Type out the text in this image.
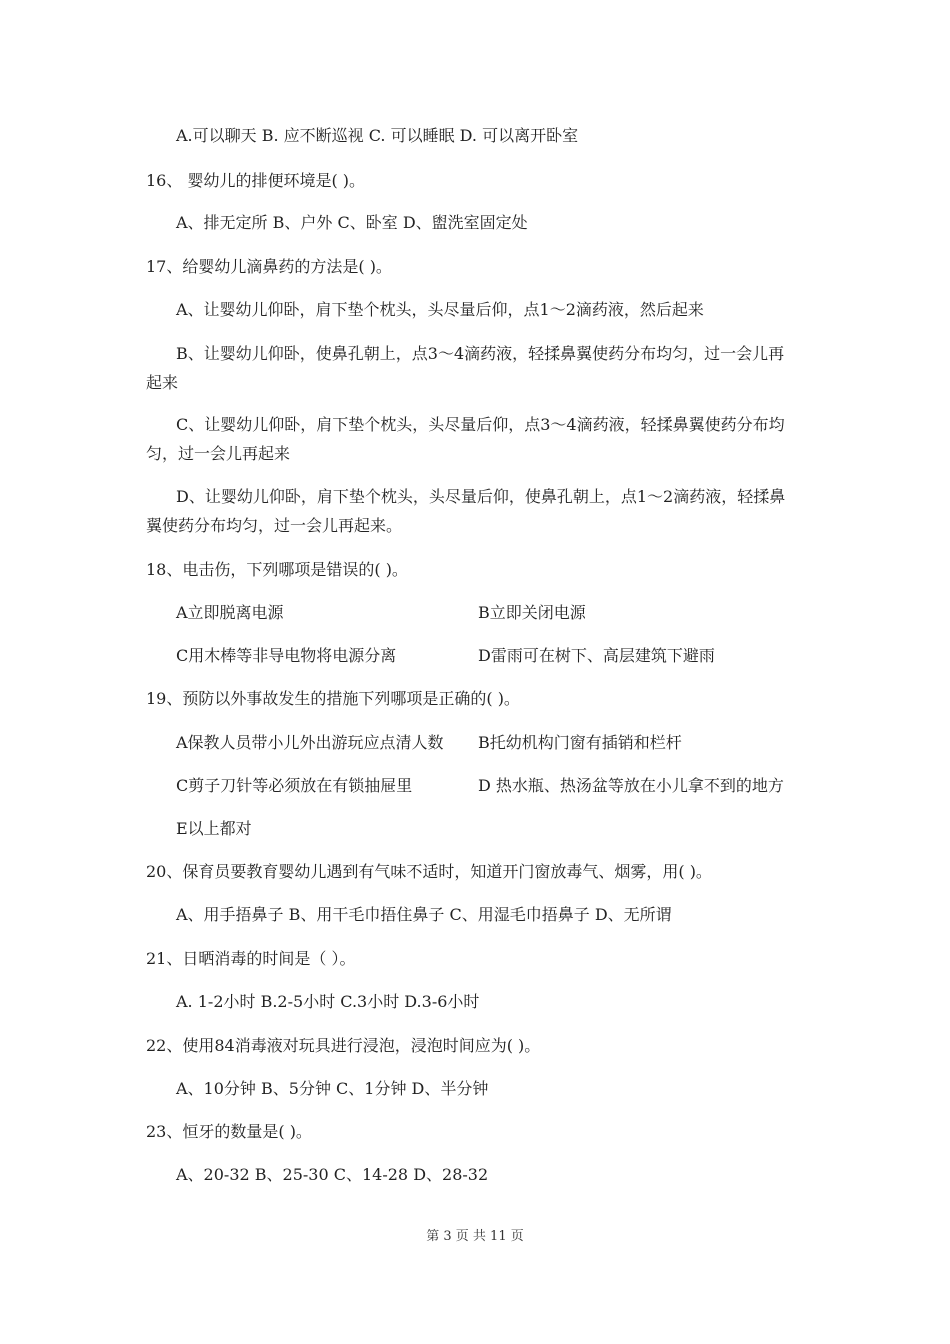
A.可以聊天 B. 应不断巡视 C. 可以睡眠 D. 可以离开卧室
16、 婴幼儿的排便环境是( )。
A、排无定所 B、户外 C、卧室 D、盥洗室固定处
17、给婴幼儿滴鼻药的方法是( )。
A、让婴幼儿仰卧，肩下垫个枕头，头尽量后仰，点1～2滴药液，然后起来
B、让婴幼儿仰卧，使鼻孔朝上，点3～4滴药液，轻揉鼻翼使药分布均匀，过一会儿再
起来
C、让婴幼儿仰卧，肩下垫个枕头，头尽量后仰，点3～4滴药液，轻揉鼻翼使药分布均
匀，过一会儿再起来
D、让婴幼儿仰卧，肩下垫个枕头，头尽量后仰，使鼻孔朝上，点1～2滴药液，轻揉鼻
翼使药分布均匀，过一会儿再起来。
18、电击伤，下列哪项是错误的( )。
A立即脱离电源	B立即关闭电源
C用木棒等非导电物将电源分离	D雷雨可在树下、高层建筑下避雨
19、预防以外事故发生的措施下列哪项是正确的( )。
A保教人员带小儿外出游玩应点清人数 B托幼机构门窗有插销和栏杆
C剪子刀针等必须放在有锁抽屉里	D 热水瓶、热汤盆等放在小儿拿不到的地方
E以上都对
20、保育员要教育婴幼儿遇到有气味不适时，知道开门窗放毒气、烟雾，用( )。
A、用手捂鼻子 B、用干毛巾捂住鼻子 C、用湿毛巾捂鼻子 D、无所谓
21、日晒消毒的时间是（ ）。
A. 1-2小时 B.2-5小时 C.3小时 D.3-6小时
22、使用84消毒液对玩具进行浸泡，浸泡时间应为( )。
A、10分钟 B、5分钟 C、1分钟 D、半分钟
23、恒牙的数量是( )。
A、20-32 B、25-30 C、14-28 D、28-32
第 3 页 共 11 页
